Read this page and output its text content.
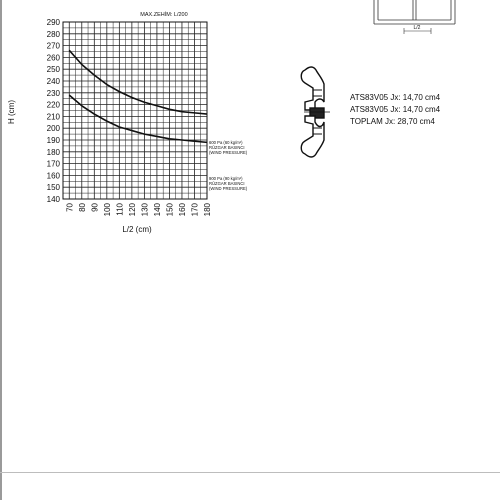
MAX.ZEHİM: L/200
290
280
270
260
250
240
230
220
210
200
190
180
170
160
150
140
70 80 90 100 110 120 130 140 150 160 170 180
H (cm)
L/2 (cm)
600 Pa (60 kg/m²)
RÜZGAR BASINCI
(WIND PRESSURE)
900 Pa (90 kg/m²)
RÜZGAR BASINCI
(WIND PRESSURE)
L/2
ATS83V05 Jx: 14,70 cm4
ATS83V05 Jx: 14,70 cm4
TOPLAM Jx: 28,70 cm4
